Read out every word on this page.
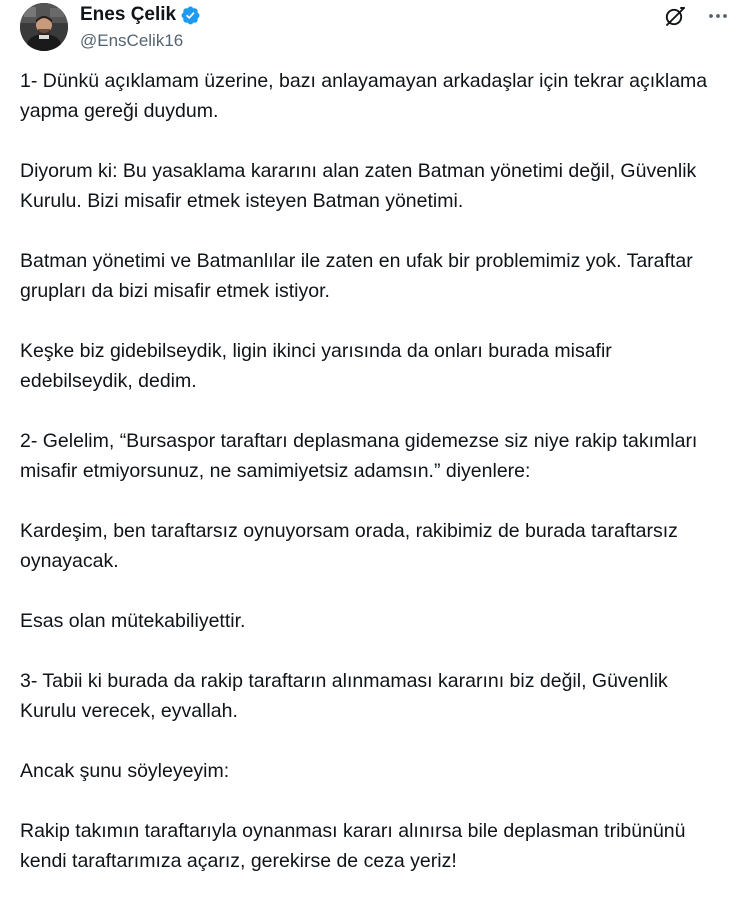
Enes Çelik
@EnsCelik16

1- Dünkü açıklamam üzerine, bazı anlayamayan arkadaşlar için tekrar açıklama yapma gereği duydum.

Diyorum ki: Bu yasaklama kararını alan zaten Batman yönetimi değil, Güvenlik Kurulu. Bizi misafir etmek isteyen Batman yönetimi.

Batman yönetimi ve Batmanlılar ile zaten en ufak bir problemimiz yok. Taraftar grupları da bizi misafir etmek istiyor.

Keşke biz gidebilseydik, ligin ikinci yarısında da onları burada misafir edebilseydik, dedim.

2- Gelelim, “Bursaspor taraftarı deplasmana gidemezse siz niye rakip takımları misafir etmiyorsunuz, ne samimiyetsiz adamsın.” diyenlere:

Kardeşim, ben taraftarsız oynuyorsam orada, rakibimiz de burada taraftarsız oynayacak.

Esas olan mütekabiliyettir.

3- Tabii ki burada da rakip taraftarın alınmaması kararını biz değil, Güvenlik Kurulu verecek, eyvallah.

Ancak şunu söyleyeyim:

Rakip takımın taraftarıyla oynanması kararı alınırsa bile deplasman tribününü kendi taraftarımıza açarız, gerekirse de ceza yeriz!
